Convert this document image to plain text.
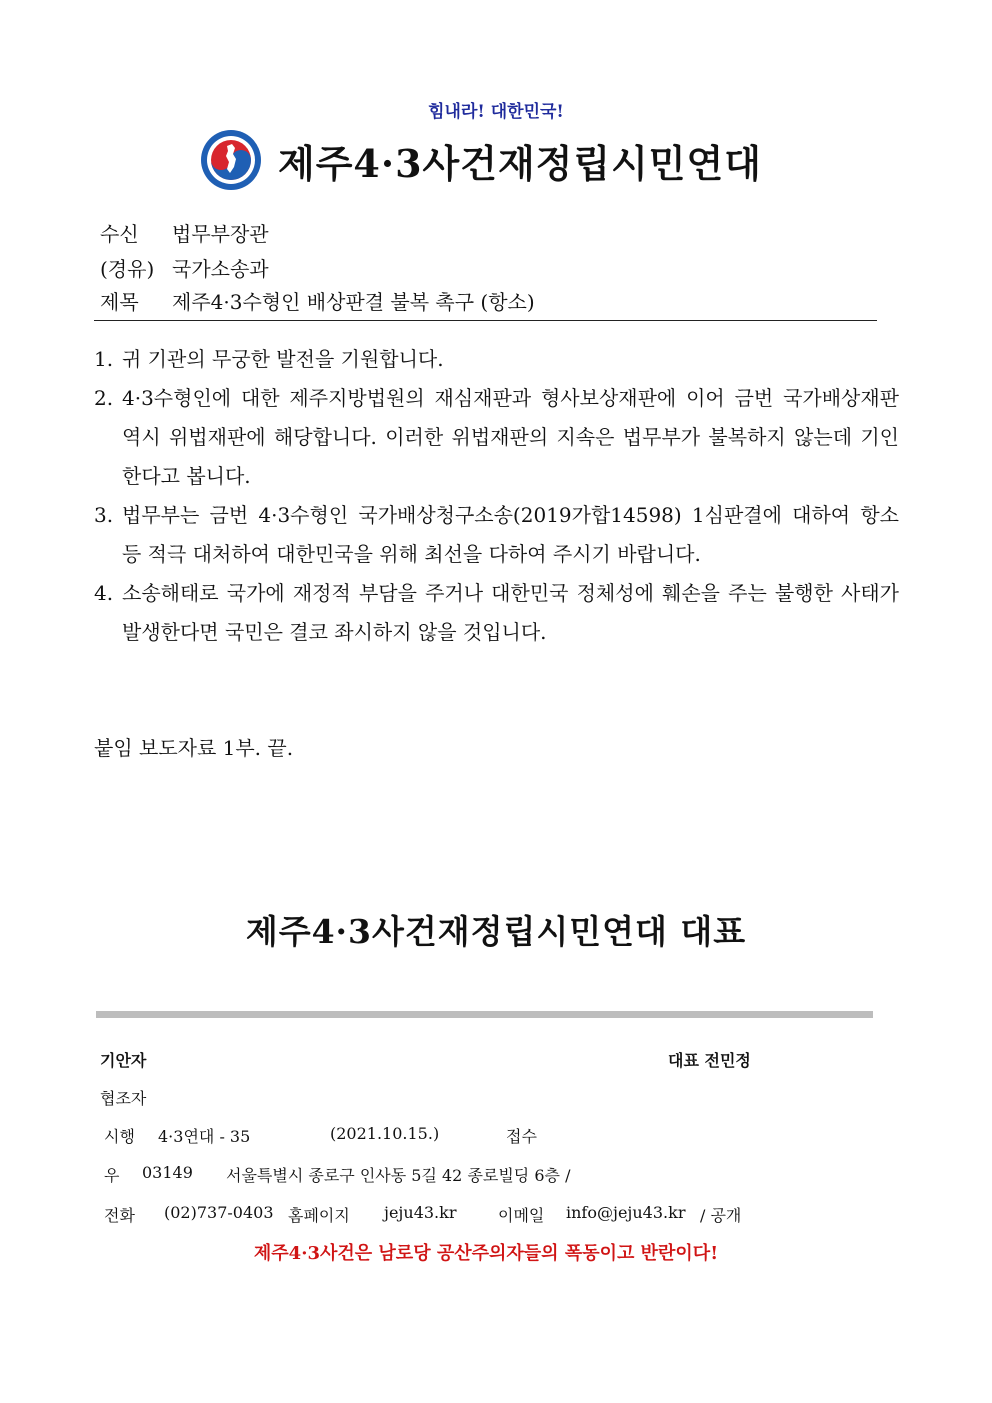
힘내라! 대한민국!
제주4·3사건재정립시민연대
수신	법무부장관
(경유) 국가소송과
제목	제주4·3수형인 배상판결 불복 촉구 (항소)
1. 귀 기관의 무궁한 발전을 기원합니다.
2. 4·3수형인에 대한 제주지방법원의 재심재판과 형사보상재판에 이어 금번 국가배상재판 역시 위법재판에 해당합니다. 이러한 위법재판의 지속은 법무부가 불복하지 않는데 기인한다고 봅니다.
3. 법무부는 금번 4·3수형인 국가배상청구소송(2019가합14598) 1심판결에 대하여 항소 등 적극 대처하여 대한민국을 위해 최선을 다하여 주시기 바랍니다.
4. 소송해태로 국가에 재정적 부담을 주거나 대한민국 정체성에 훼손을 주는 불행한 사태가 발생한다면 국민은 결코 좌시하지 않을 것입니다.
붙임 보도자료 1부. 끝.
제주4·3사건재정립시민연대 대표
기안자	대표 전민정
협조자
시행 4·3연대 - 35	(2021.10.15.)	접수
우 03149 서울특별시 종로구 인사동 5길 42 종로빌딩 6층 /
전화 (02)737-0403 홈페이지 jeju43.kr	이메일 info@jeju43.kr / 공개
제주4·3사건은 남로당 공산주의자들의 폭동이고 반란이다!
